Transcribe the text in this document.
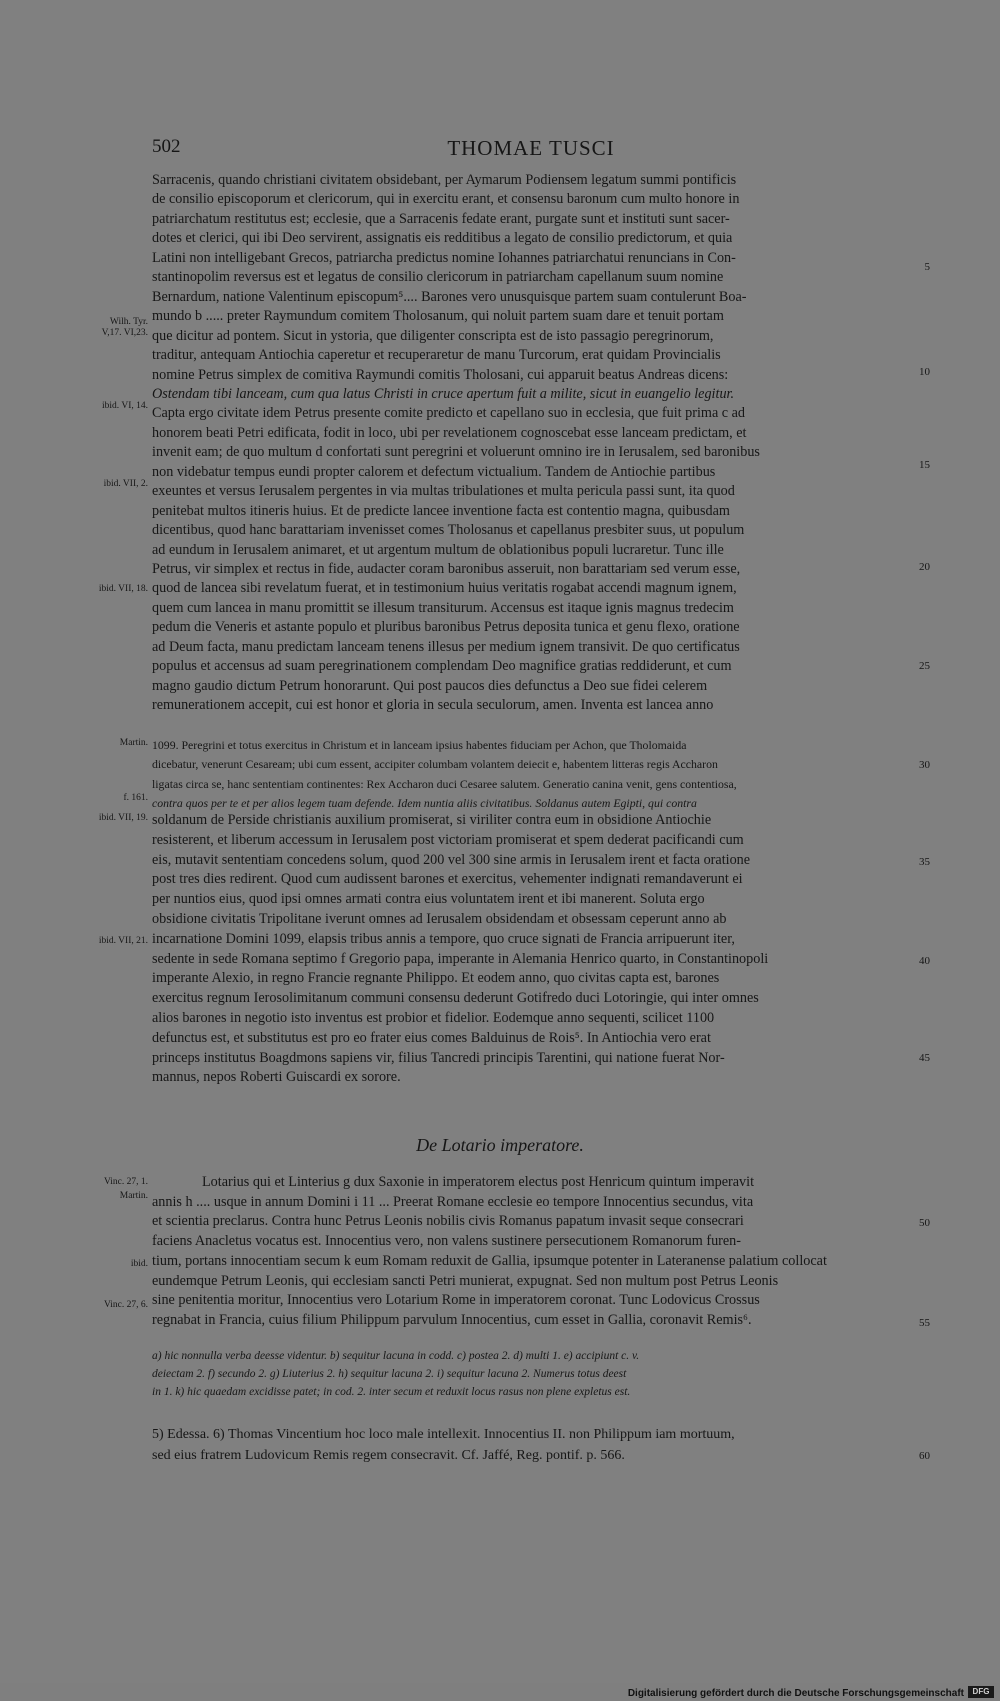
502	THOMAE TUSCI
Sarracenis, quando christiani civitatem obsidebant, per Aymarum Podiensem legatum summi pontificis
de consilio episcoporum et clericorum, qui in exercitu erant, et consensu baronum cum multo honore in
patriarchatum restitutus est; ecclesie, que a Sarracenis fedate erant, purgate sunt et instituti sunt sacer-
dotes et clerici, qui ibi Deo servirent, assignatis eis redditibus a legato de consilio predictorum, et quia
Latini non intelligebant Grecos, patriarcha predictus nomine Iohannes patriarchatui renuncians in Con-
stantinopolim reversus est et legatus de consilio clericorum in patriarcham capellanum suum nomine
Bernardum, natione Valentinum episcopum⁵.... Barones vero unusquisque partem suam contulerunt Boa-
mundo b ..... preter Raymundum comitem Tholosanum, qui noluit partem suam dare et tenuit portam
que dicitur ad pontem. Sicut in ystoria, que diligenter conscripta est de isto passagio peregrinorum,
traditur, antequam Antiochia caperetur et recuperaretur de manu Turcorum, erat quidam Provincialis
nomine Petrus simplex de comitiva Raymundi comitis Tholosani, cui apparuit beatus Andreas dicens:
Ostendam tibi lanceam, cum qua latus Christi in cruce apertum fuit a milite, sicut in euangelio legitur.
Capta ergo civitate idem Petrus presente comite predicto et capellano suo in ecclesia, que fuit prima c ad
honorem beati Petri edificata, fodit in loco, ubi per revelationem cognoscebat esse lanceam predictam, et
invenit eam; de quo multum d confortati sunt peregrini et voluerunt omnino ire in Ierusalem, sed baronibus
non videbatur tempus eundi propter calorem et defectum victualium. Tandem de Antiochie partibus
exeuntes et versus Ierusalem pergentes in via multas tribulationes et multa pericula passi sunt, ita quod
penitebat multos itineris huius. Et de predicte lancee inventione facta est contentio magna, quibusdam
dicentibus, quod hanc barattariam invenisset comes Tholosanus et capellanus presbiter suus, ut populum
ad eundum in Ierusalem animaret, et ut argentum multum de oblationibus populi lucraretur. Tunc ille
Petrus, vir simplex et rectus in fide, audacter coram baronibus asseruit, non barattariam sed verum esse,
quod de lancea sibi revelatum fuerat, et in testimonium huius veritatis rogabat accendi magnum ignem,
quem cum lancea in manu promittit se illesum transiturum. Accensus est itaque ignis magnus tredecim
pedum die Veneris et astante populo et pluribus baronibus Petrus deposita tunica et genu flexo, oratione
ad Deum facta, manu predictam lanceam tenens illesus per medium ignem transivit. De quo certificatus
populus et accensus ad suam peregrinationem complendam Deo magnifice gratias reddiderunt, et cum
magno gaudio dictum Petrum honorarunt. Qui post paucos dies defunctus a Deo sue fidei celerem
remunerationem accepit, cui est honor et gloria in secula seculorum, amen. Inventa est lancea anno
1099. Peregrini et totus exercitus in Christum et in lanceam ipsius habentes fiduciam per Achon, que Tholomaida
dicebatur, venerunt Cesaream; ubi cum essent, accipiter columbam volantem deiecit e, habentem litteras regis Accharon
ligatas circa se, hanc sententiam continentes: Rex Accharon duci Cesaree salutem. Generatio canina venit, gens contentiosa,
contra quos per te et per alios legem tuam defende. Idem nuntia aliis civitatibus. Soldanus autem Egipti, qui contra
soldanum de Perside christianis auxilium promiserat, si viriliter contra eum in obsidione Antiochie
resisterent, et liberum accessum in Ierusalem post victoriam promiserat et spem dederat pacificandi cum
eis, mutavit sententiam concedens solum, quod 200 vel 300 sine armis in Ierusalem irent et facta oratione
post tres dies redirent. Quod cum audissent barones et exercitus, vehementer indignati remandaverunt ei
per nuntios eius, quod ipsi omnes armati contra eius voluntatem irent et ibi manerent. Soluta ergo
obsidione civitatis Tripolitane iverunt omnes ad Ierusalem obsidendam et obsessam ceperunt anno ab
incarnatione Domini 1099, elapsis tribus annis a tempore, quo cruce signati de Francia arripuerunt iter,
sedente in sede Romana septimo f Gregorio papa, imperante in Alemania Henrico quarto, in Constantinopoli
imperante Alexio, in regno Francie regnante Philippo. Et eodem anno, quo civitas capta est, barones
exercitus regnum Ierosolimitanum communi consensu dederunt Gotifredo duci Lotoringie, qui inter omnes
alios barones in negotio isto inventus est probior et fidelior. Eodemque anno sequenti, scilicet 1100
defunctus est, et substitutus est pro eo frater eius comes Balduinus de Rois⁵. In Antiochia vero erat
princeps institutus Boagdmons sapiens vir, filius Tancredi principis Tarentini, qui natione fuerat Nor-
mannus, nepos Roberti Guiscardi ex sorore.
De Lotario imperatore.
Lotarius qui et Linterius g dux Saxonie in imperatorem electus post Henricum quintum imperavit
annis h .... usque in annum Domini i 11 ... Preerat Romane ecclesie eo tempore Innocentius secundus, vita
et scientia preclarus. Contra hunc Petrus Leonis nobilis civis Romanus papatum invasit seque consecrari
faciens Anacletus vocatus est. Innocentius vero, non valens sustinere persecutionem Romanorum furen-
tium, portans innocentiam secum k eum Romam reduxit de Gallia, ipsumque potenter in Lateranense palatium collocat
eundemque Petrum Leonis, qui ecclesiam sancti Petri munierat, expugnat. Sed non multum post Petrus Leonis
sine penitentia moritur, Innocentius vero Lotarium Rome in imperatorem coronat. Tunc Lodovicus Crossus
regnabat in Francia, cuius filium Philippum parvulum Innocentius, cum esset in Gallia, coronavit Remis⁶.
a) hic nonnulla verba deesse videntur. b) sequitur lacuna in codd. c) postea 2. d) multi 1. e) accipiunt c. v.
deiectam 2. f) secundo 2. g) Liuterius 2. h) sequitur lacuna 2. i) sequitur lacuna 2. Numerus totus deest
in 1. k) hic quaedam excidisse patet; in cod. 2. inter secum et reduxit locus rasus non plene expletus est.
5) Edessa. 6) Thomas Vincentium hoc loco male intellexit. Innocentius II. non Philippum iam mortuum,
sed eius fratrem Ludovicum Remis regem consecravit. Cf. Jaffé, Reg. pontif. p. 566.
Wilh. Tyr.
V,17. VI,23.
ibid. VI, 14.
ibid. VII, 2.
ibid. VII, 18.
Martin.
f. 161.
ibid. VII, 19.
ibid. VII, 21.
Vinc. 27, 1.
Martin.
ibid.
Vinc. 27, 6.
5
10
15
20
25
30
35
40
45
50
55
60
Digitalisierung gefördert durch die Deutsche Forschungsgemeinschaft	DFG
